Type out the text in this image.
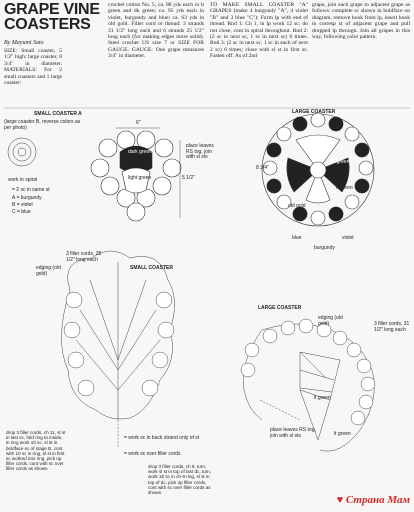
GRAPE VINE
COASTERS
By Mayumi Sato
SIZE: Small coaster, 5 1/2" high; large coaster, 8 3/4" in diameter. MATERIALS: For 2 small coasters and 1 large coaster:
crochet cotton No. 5, ca. 88 yds each in lt green and dk green; ca. 95 yds each in violet, burgundy and blue; ca. 63 yds in old gold. Filler cord or thread: 3 strands 31 1/2" long each and 6 strands 25 1/2" long each (for making edges more solid). Steel crochet US size 7 or SIZE FOR GAUGE. GAUGE: One grape measures 3/4" in diameter.
TO MAKE SMALL COASTER "A" GRAPES (make 4 burgundy "A", 4 violet "B" and 3 blue "C"): Form lp with end of thread. Rnd 1: Ch 1, in lp work 12 sc; do not close, cont in spiral throughout. Rnd 2: (2 sc in next sc, 1 sc in next sc) 6 times. Rnd 3: (2 sc in next sc, 1 sc in each of next 2 sc) 6 times; close with sl st in first sc. Fasten off. As of 2nd
grape, join each grape to adjacent grape as follows: complete sc shown in boldface on diagram, remove hook from lp, insert hook in corresp st of adjacent grape and pull dropped lp through. Join all grapes in this way, following color pattern.
SMALL COASTER A	LARGE COASTER
(large coaster B, reverse colors as per photo)
work in spiral
= 2 sc in same st
A = burgundy
B = violet
C = blue
dark green
light green
6"
5 1/2"
place leaves RS tog, join with sl sts
8 3/4"
dk green
lt green
old gold
blue	violet
burgundy
SMALL COASTER
edging (old gold)
3 filler cords, 25 1/2" long each
= work sc in back strand only of st
= work sc over filler cords
drop 3 filler cords, ch 11, sl st in last sc, fold ring to inside, in ring work 10 sc, sl st in boldface sc of stage B, cont with 10 sc in ring, sl st in first sc worked into ring, pick up filler cords, cont with sc over filler cords as shown	drop 3 filler cords, ch 9, turn, work sl st in top of last dc, turn, work 15 sc in ch-9 ring, sl st in top of dc, pick up filler cords, cont with sc over filler cords as shown
LARGE COASTER
3 filler cords, 31 1/2" long each
edging (old gold)
lt green
place leaves RS tog, join with sl sts	lt green
♥ Страна Мам
